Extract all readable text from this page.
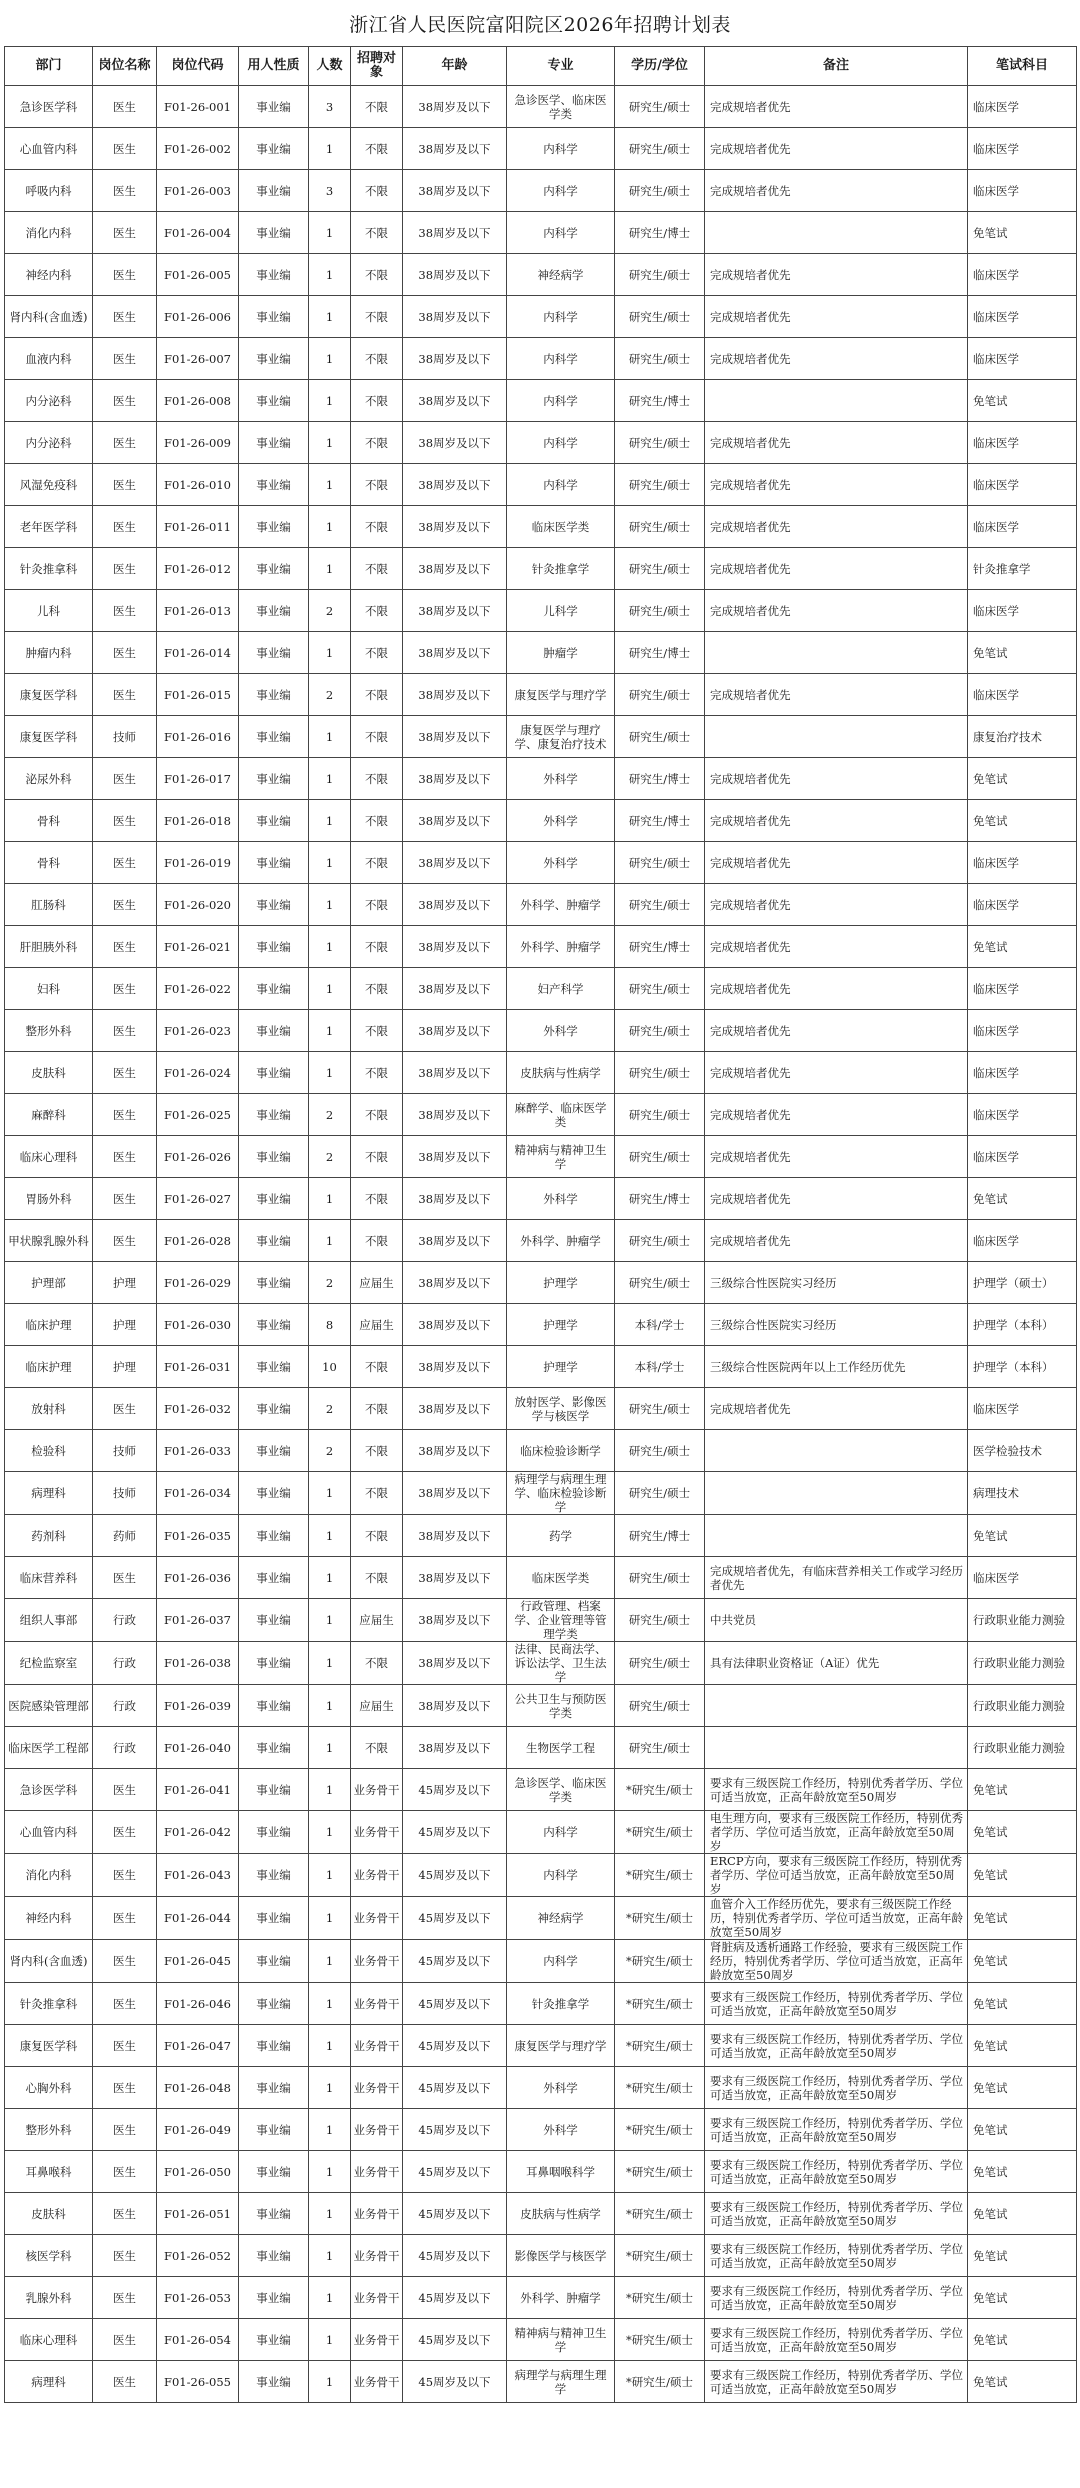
浙江省人民医院富阳院区2026年招聘计划表
部门	岗位名称	岗位代码	用人性质	人数	招聘对象	年龄	专业	学历/学位	备注	笔试科目
急诊医学科	医生	F01-26-001	事业编	3	不限	38周岁及以下	急诊医学、临床医学类	研究生/硕士	完成规培者优先	临床医学
心血管内科	医生	F01-26-002	事业编	1	不限	38周岁及以下	内科学	研究生/硕士	完成规培者优先	临床医学
呼吸内科	医生	F01-26-003	事业编	3	不限	38周岁及以下	内科学	研究生/硕士	完成规培者优先	临床医学
消化内科	医生	F01-26-004	事业编	1	不限	38周岁及以下	内科学	研究生/博士		免笔试
神经内科	医生	F01-26-005	事业编	1	不限	38周岁及以下	神经病学	研究生/硕士	完成规培者优先	临床医学
肾内科(含血透)	医生	F01-26-006	事业编	1	不限	38周岁及以下	内科学	研究生/硕士	完成规培者优先	临床医学
血液内科	医生	F01-26-007	事业编	1	不限	38周岁及以下	内科学	研究生/硕士	完成规培者优先	临床医学
内分泌科	医生	F01-26-008	事业编	1	不限	38周岁及以下	内科学	研究生/博士		免笔试
内分泌科	医生	F01-26-009	事业编	1	不限	38周岁及以下	内科学	研究生/硕士	完成规培者优先	临床医学
风湿免疫科	医生	F01-26-010	事业编	1	不限	38周岁及以下	内科学	研究生/硕士	完成规培者优先	临床医学
老年医学科	医生	F01-26-011	事业编	1	不限	38周岁及以下	临床医学类	研究生/硕士	完成规培者优先	临床医学
针灸推拿科	医生	F01-26-012	事业编	1	不限	38周岁及以下	针灸推拿学	研究生/硕士	完成规培者优先	针灸推拿学
儿科	医生	F01-26-013	事业编	2	不限	38周岁及以下	儿科学	研究生/硕士	完成规培者优先	临床医学
肿瘤内科	医生	F01-26-014	事业编	1	不限	38周岁及以下	肿瘤学	研究生/博士		免笔试
康复医学科	医生	F01-26-015	事业编	2	不限	38周岁及以下	康复医学与理疗学	研究生/硕士	完成规培者优先	临床医学
康复医学科	技师	F01-26-016	事业编	1	不限	38周岁及以下	康复医学与理疗学、康复治疗技术	研究生/硕士		康复治疗技术
泌尿外科	医生	F01-26-017	事业编	1	不限	38周岁及以下	外科学	研究生/博士	完成规培者优先	免笔试
骨科	医生	F01-26-018	事业编	1	不限	38周岁及以下	外科学	研究生/博士	完成规培者优先	免笔试
骨科	医生	F01-26-019	事业编	1	不限	38周岁及以下	外科学	研究生/硕士	完成规培者优先	临床医学
肛肠科	医生	F01-26-020	事业编	1	不限	38周岁及以下	外科学、肿瘤学	研究生/硕士	完成规培者优先	临床医学
肝胆胰外科	医生	F01-26-021	事业编	1	不限	38周岁及以下	外科学、肿瘤学	研究生/博士	完成规培者优先	免笔试
妇科	医生	F01-26-022	事业编	1	不限	38周岁及以下	妇产科学	研究生/硕士	完成规培者优先	临床医学
整形外科	医生	F01-26-023	事业编	1	不限	38周岁及以下	外科学	研究生/硕士	完成规培者优先	临床医学
皮肤科	医生	F01-26-024	事业编	1	不限	38周岁及以下	皮肤病与性病学	研究生/硕士	完成规培者优先	临床医学
麻醉科	医生	F01-26-025	事业编	2	不限	38周岁及以下	麻醉学、临床医学类	研究生/硕士	完成规培者优先	临床医学
临床心理科	医生	F01-26-026	事业编	2	不限	38周岁及以下	精神病与精神卫生学	研究生/硕士	完成规培者优先	临床医学
胃肠外科	医生	F01-26-027	事业编	1	不限	38周岁及以下	外科学	研究生/博士	完成规培者优先	免笔试
甲状腺乳腺外科	医生	F01-26-028	事业编	1	不限	38周岁及以下	外科学、肿瘤学	研究生/硕士	完成规培者优先	临床医学
护理部	护理	F01-26-029	事业编	2	应届生	38周岁及以下	护理学	研究生/硕士	三级综合性医院实习经历	护理学（硕士）
临床护理	护理	F01-26-030	事业编	8	应届生	38周岁及以下	护理学	本科/学士	三级综合性医院实习经历	护理学（本科）
临床护理	护理	F01-26-031	事业编	10	不限	38周岁及以下	护理学	本科/学士	三级综合性医院两年以上工作经历优先	护理学（本科）
放射科	医生	F01-26-032	事业编	2	不限	38周岁及以下	放射医学、影像医学与核医学	研究生/硕士	完成规培者优先	临床医学
检验科	技师	F01-26-033	事业编	2	不限	38周岁及以下	临床检验诊断学	研究生/硕士		医学检验技术
病理科	技师	F01-26-034	事业编	1	不限	38周岁及以下	病理学与病理生理学、临床检验诊断学	研究生/硕士		病理技术
药剂科	药师	F01-26-035	事业编	1	不限	38周岁及以下	药学	研究生/博士		免笔试
临床营养科	医生	F01-26-036	事业编	1	不限	38周岁及以下	临床医学类	研究生/硕士	完成规培者优先，有临床营养相关工作或学习经历者优先	临床医学
组织人事部	行政	F01-26-037	事业编	1	应届生	38周岁及以下	行政管理、档案学、企业管理等管理学类	研究生/硕士	中共党员	行政职业能力测验
纪检监察室	行政	F01-26-038	事业编	1	不限	38周岁及以下	法律、民商法学、诉讼法学、卫生法学	研究生/硕士	具有法律职业资格证（A证）优先	行政职业能力测验
医院感染管理部	行政	F01-26-039	事业编	1	应届生	38周岁及以下	公共卫生与预防医学类	研究生/硕士		行政职业能力测验
临床医学工程部	行政	F01-26-040	事业编	1	不限	38周岁及以下	生物医学工程	研究生/硕士		行政职业能力测验
急诊医学科	医生	F01-26-041	事业编	1	业务骨干	45周岁及以下	急诊医学、临床医学类	*研究生/硕士	要求有三级医院工作经历，特别优秀者学历、学位可适当放宽，正高年龄放宽至50周岁	免笔试
心血管内科	医生	F01-26-042	事业编	1	业务骨干	45周岁及以下	内科学	*研究生/硕士	电生理方向，要求有三级医院工作经历，特别优秀者学历、学位可适当放宽，正高年龄放宽至50周岁	免笔试
消化内科	医生	F01-26-043	事业编	1	业务骨干	45周岁及以下	内科学	*研究生/硕士	ERCP方向，要求有三级医院工作经历，特别优秀者学历、学位可适当放宽，正高年龄放宽至50周岁	免笔试
神经内科	医生	F01-26-044	事业编	1	业务骨干	45周岁及以下	神经病学	*研究生/硕士	血管介入工作经历优先，要求有三级医院工作经历，特别优秀者学历、学位可适当放宽，正高年龄放宽至50周岁	免笔试
肾内科(含血透)	医生	F01-26-045	事业编	1	业务骨干	45周岁及以下	内科学	*研究生/硕士	肾脏病及透析通路工作经验，要求有三级医院工作经历，特别优秀者学历、学位可适当放宽，正高年龄放宽至50周岁	免笔试
针灸推拿科	医生	F01-26-046	事业编	1	业务骨干	45周岁及以下	针灸推拿学	*研究生/硕士	要求有三级医院工作经历，特别优秀者学历、学位可适当放宽，正高年龄放宽至50周岁	免笔试
康复医学科	医生	F01-26-047	事业编	1	业务骨干	45周岁及以下	康复医学与理疗学	*研究生/硕士	要求有三级医院工作经历，特别优秀者学历、学位可适当放宽，正高年龄放宽至50周岁	免笔试
心胸外科	医生	F01-26-048	事业编	1	业务骨干	45周岁及以下	外科学	*研究生/硕士	要求有三级医院工作经历，特别优秀者学历、学位可适当放宽，正高年龄放宽至50周岁	免笔试
整形外科	医生	F01-26-049	事业编	1	业务骨干	45周岁及以下	外科学	*研究生/硕士	要求有三级医院工作经历，特别优秀者学历、学位可适当放宽，正高年龄放宽至50周岁	免笔试
耳鼻喉科	医生	F01-26-050	事业编	1	业务骨干	45周岁及以下	耳鼻咽喉科学	*研究生/硕士	要求有三级医院工作经历，特别优秀者学历、学位可适当放宽，正高年龄放宽至50周岁	免笔试
皮肤科	医生	F01-26-051	事业编	1	业务骨干	45周岁及以下	皮肤病与性病学	*研究生/硕士	要求有三级医院工作经历，特别优秀者学历、学位可适当放宽，正高年龄放宽至50周岁	免笔试
核医学科	医生	F01-26-052	事业编	1	业务骨干	45周岁及以下	影像医学与核医学	*研究生/硕士	要求有三级医院工作经历，特别优秀者学历、学位可适当放宽，正高年龄放宽至50周岁	免笔试
乳腺外科	医生	F01-26-053	事业编	1	业务骨干	45周岁及以下	外科学、肿瘤学	*研究生/硕士	要求有三级医院工作经历，特别优秀者学历、学位可适当放宽，正高年龄放宽至50周岁	免笔试
临床心理科	医生	F01-26-054	事业编	1	业务骨干	45周岁及以下	精神病与精神卫生学	*研究生/硕士	要求有三级医院工作经历，特别优秀者学历、学位可适当放宽，正高年龄放宽至50周岁	免笔试
病理科	医生	F01-26-055	事业编	1	业务骨干	45周岁及以下	病理学与病理生理学	*研究生/硕士	要求有三级医院工作经历，特别优秀者学历、学位可适当放宽，正高年龄放宽至50周岁	免笔试
